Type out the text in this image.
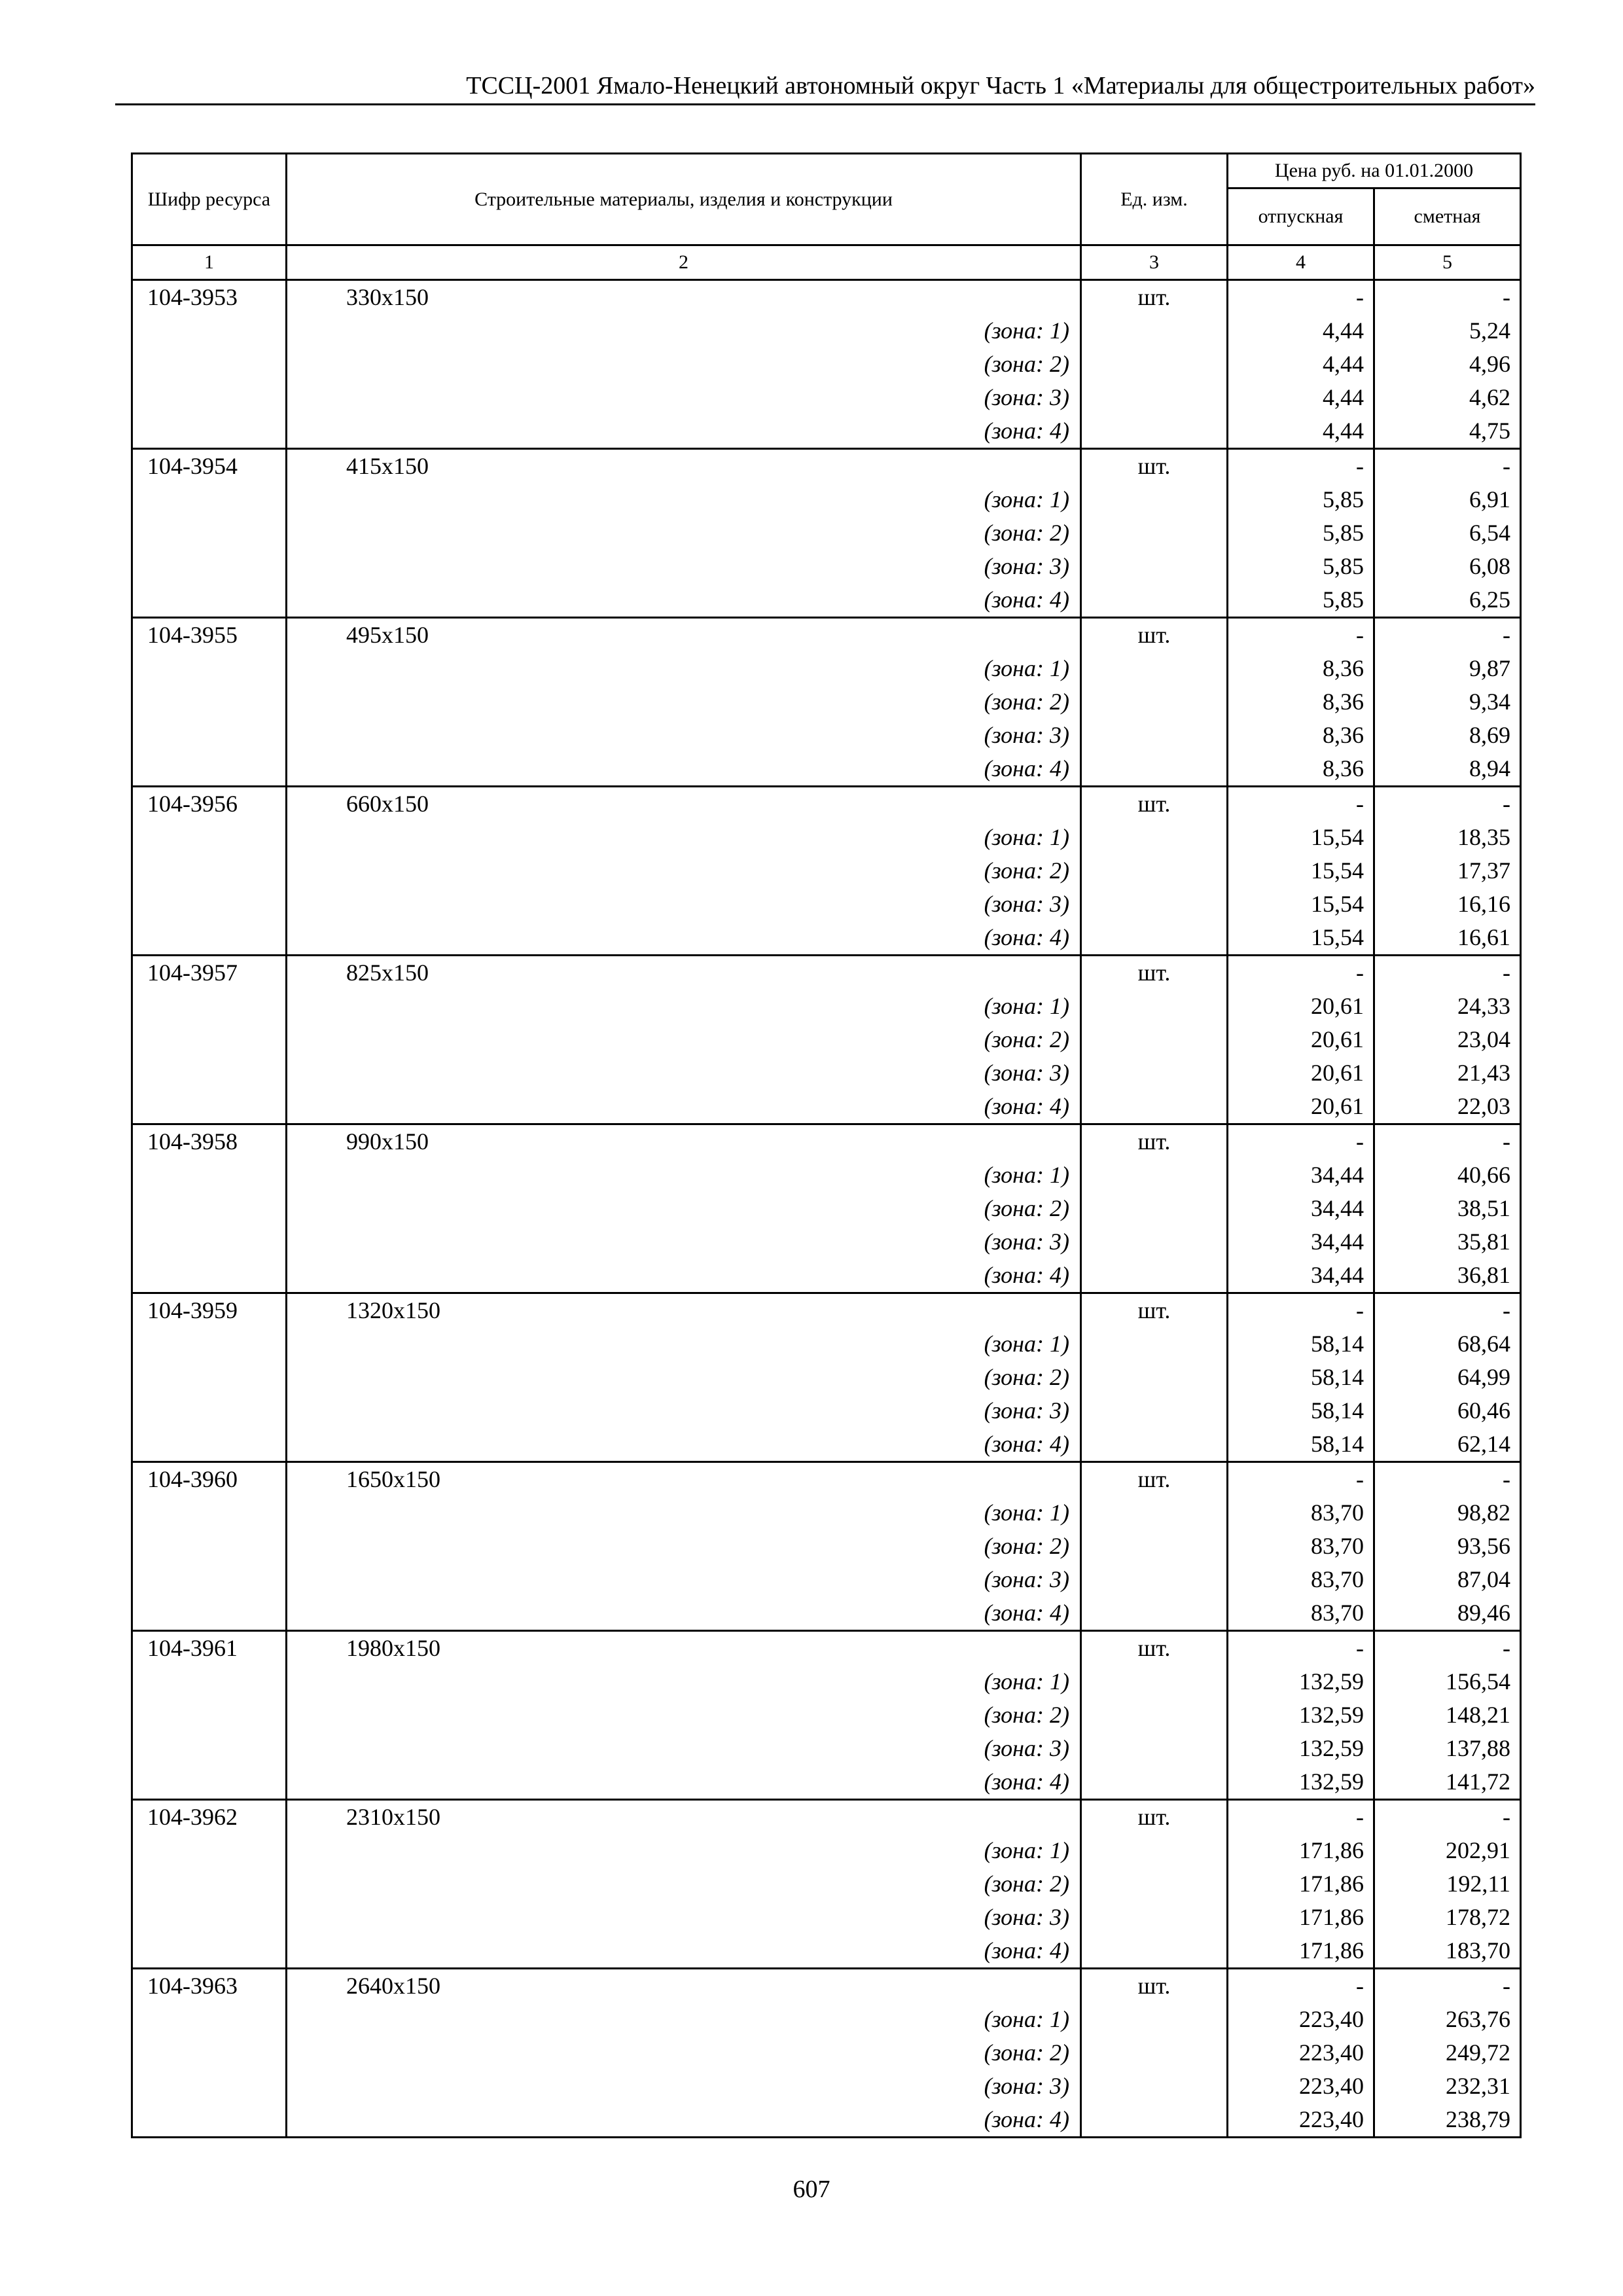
ТССЦ-2001 Ямало-Ненецкий автономный округ Часть 1 «Материалы для общестроительных работ»
Шифр ресурса	Строительные материалы, изделия и конструкции	Ед. изм.	Цена руб. на 01.01.2000	
			отпускная	сметная
1	2	3	4	5
104-3953	330x150	шт.	-	-
	(зона: 1)		4,44	5,24
	(зона: 2)		4,44	4,96
	(зона: 3)		4,44	4,62
	(зона: 4)		4,44	4,75
104-3954	415x150	шт.	-	-
	(зона: 1)		5,85	6,91
	(зона: 2)		5,85	6,54
	(зона: 3)		5,85	6,08
	(зона: 4)		5,85	6,25
104-3955	495x150	шт.	-	-
	(зона: 1)		8,36	9,87
	(зона: 2)		8,36	9,34
	(зона: 3)		8,36	8,69
	(зона: 4)		8,36	8,94
104-3956	660x150	шт.	-	-
	(зона: 1)		15,54	18,35
	(зона: 2)		15,54	17,37
	(зона: 3)		15,54	16,16
	(зона: 4)		15,54	16,61
104-3957	825x150	шт.	-	-
	(зона: 1)		20,61	24,33
	(зона: 2)		20,61	23,04
	(зона: 3)		20,61	21,43
	(зона: 4)		20,61	22,03
104-3958	990x150	шт.	-	-
	(зона: 1)		34,44	40,66
	(зона: 2)		34,44	38,51
	(зона: 3)		34,44	35,81
	(зона: 4)		34,44	36,81
104-3959	1320x150	шт.	-	-
	(зона: 1)		58,14	68,64
	(зона: 2)		58,14	64,99
	(зона: 3)		58,14	60,46
	(зона: 4)		58,14	62,14
104-3960	1650x150	шт.	-	-
	(зона: 1)		83,70	98,82
	(зона: 2)		83,70	93,56
	(зона: 3)		83,70	87,04
	(зона: 4)		83,70	89,46
104-3961	1980x150	шт.	-	-
	(зона: 1)		132,59	156,54
	(зона: 2)		132,59	148,21
	(зона: 3)		132,59	137,88
	(зона: 4)		132,59	141,72
104-3962	2310x150	шт.	-	-
	(зона: 1)		171,86	202,91
	(зона: 2)		171,86	192,11
	(зона: 3)		171,86	178,72
	(зона: 4)		171,86	183,70
104-3963	2640x150	шт.	-	-
	(зона: 1)		223,40	263,76
	(зона: 2)		223,40	249,72
	(зона: 3)		223,40	232,31
	(зона: 4)		223,40	238,79
607
